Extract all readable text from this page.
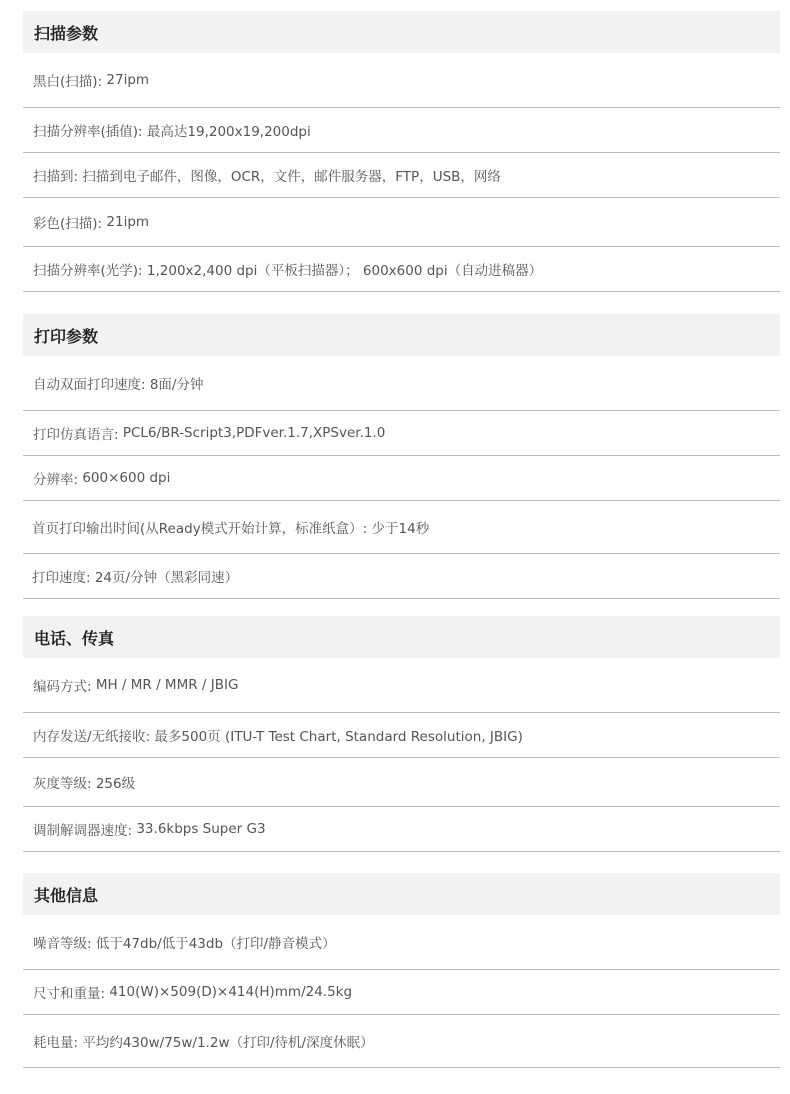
扫描参数
黑白(扫描) : 27ipm
扫描分辨率(插值) : 最高达19,200x19,200dpi
扫描到 : 扫描到电子邮件，图像，OCR，文件，邮件服务器，FTP，USB，网络
彩色(扫描) : 21ipm
扫描分辨率(光学) : 1,200x2,400 dpi（平板扫描器）； 600x600 dpi（自动进稿器）
打印参数
自动双面打印速度 : 8面/分钟
打印仿真语言 : PCL6/BR-Script3,PDFver.1.7,XPSver.1.0
分辨率 : 600×600 dpi
首页打印输出时间(从Ready模式开始计算，标准纸盒） : 少于14秒
打印速度 : 24页/分钟（黑彩同速）
电话、传真
编码方式 : MH / MR / MMR / JBIG
内存发送/无纸接收 : 最多500页 (ITU-T Test Chart, Standard Resolution, JBIG)
灰度等级 : 256级
调制解调器速度 : 33.6kbps Super G3
其他信息
噪音等级 : 低于47db/低于43db（打印/静音模式）
尺寸和重量 : 410(W)×509(D)×414(H)mm/24.5kg
耗电量 : 平均约430w/75w/1.2w（打印/待机/深度休眠）
